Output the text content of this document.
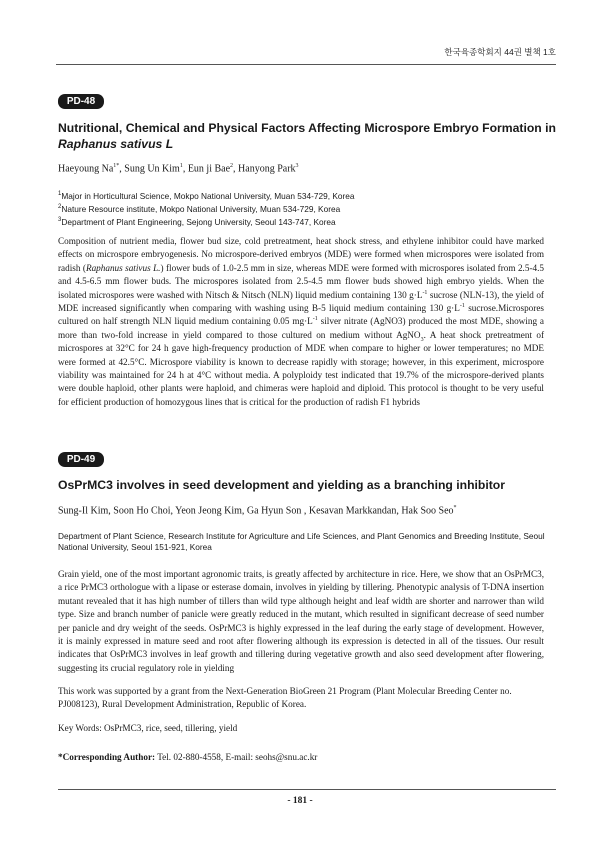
한국육종학회지 44권 별책 1호
PD-48
Nutritional, Chemical and Physical Factors Affecting Microspore Embryo Formation in Raphanus sativus L
Haeyoung $Na^{1*}$, Sung Un Kim$^1$, Eun ji Bae$^2$, Hanyong Park$^3$
$^1$Major in Horticultural Science, Mokpo National University, Muan 534-729, Korea
$^2$Nature Resource institute, Mokpo National University, Muan 534-729, Korea
$^3$Department of Plant Engineering, Sejong University, Seoul 143-747, Korea

Composition of nutrient media, flower bud size, cold pretreatment, heat shock stress, and ethylene inhibitor could have marked effects on microspore embryogenesis. No microspore-derived embryos (MDE) were formed when microspores were isolated from radish (Raphanus sativus L.) flower buds of 1.0-2.5 mm in size, whereas MDE were formed with microspores isolated from 2.5-4.5 and 4.5-6.5 mm flower buds. The microspores isolated from 2.5-4.5 mm flower buds showed high embryo yields. When the isolated microspores were washed with Nitsch & Nitsch (NLN) liquid medium containing 130 $g\cdot L^{-1}$ sucrose (NLN-13), the yield of MDE increased significantly when comparing with washing using B-5 liquid medium containing 130 $g\cdot L^{-1}$ sucrose.Microspores cultured on half strength NLN liquid medium containing 0.05 $mg\cdot L^{-1}$ silver nitrate (AgNO3) produced the most MDE, showing a more than two-fold increase in yield compared to those cultured on medium without AgNO$_3$. A heat shock pretreatment of microspores at 32°C for 24 h gave high-frequency production of MDE when compare to higher or lower temperatures; no MDE were formed at 42.5°C. Microspore viability is known to decrease rapidly with storage; however, in this experiment, microspore viability was maintained for 24 h at 4°C without media. A polyploidy test indicated that 19.7% of the microspore-derived plants were double haploid, other plants were haploid, and chimeras were haploid and diploid. This protocol is thought to be very useful for efficient production of homozygous lines that is critical for the production of radish F1 hybrids

PD-49
OsPrMC3 involves in seed development and yielding as a branching inhibitor
Sung-Il Kim, Soon Ho Choi, Yeon Jeong Kim, Ga Hyun Son , Kesavan Markkandan, Hak Soo Seo*
Department of Plant Science, Research Institute for Agriculture and Life Sciences, and Plant Genomics and Breeding Institute, Seoul National University, Seoul 151-921, Korea
Grain yield, one of the most important agronomic traits, is greatly affected by architecture in rice. Here, we show that an OsPrMC3, a rice PrMC3 orthologue with a lipase or esterase domain, involves in yielding by tillering. Phenotypic analysis of T-DNA insertion mutant revealed that it has high number of tillers than wild type although height and leaf width are shorter and narrower than wild type. Size and branch number of panicle were greatly reduced in the mutant, which resulted in significant decrease of seed number per panicle and dry weight of the seeds. OsPrMC3 is highly expressed in the leaf during the early stage of development. However, it is mainly expressed in mature seed and root after flowering although its expression is detected in all of the tissues. Our result indicates that OsPrMC3 involves in leaf growth and tillering during vegetative growth and also seed development after flowering, suggesting its crucial regulatory role in yielding
This work was supported by a grant from the Next-Generation BioGreen 21 Program (Plant Molecular Breeding Center no. PJ008123), Rural Development Administration, Republic of Korea.
Key Words: OsPrMC3, rice, seed, tillering, yield
*Corresponding Author: Tel. 02-880-4558, E-mail: seohs@snu.ac.kr
- 181 -
